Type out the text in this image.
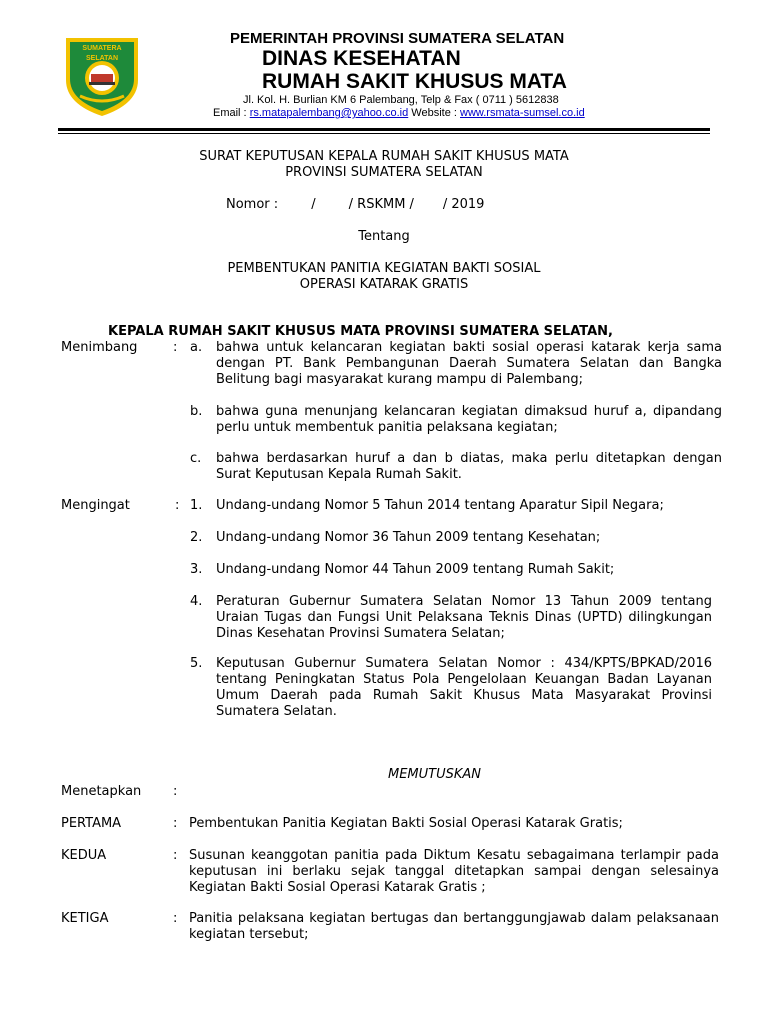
SUMATERA SELATAN
PEMERINTAH PROVINSI SUMATERA SELATAN
DINAS KESEHATAN
RUMAH SAKIT KHUSUS MATA
Jl. Kol. H. Burlian KM 6 Palembang, Telp & Fax ( 0711 ) 5612838
Email : rs.matapalembang@yahoo.co.id Website : www.rsmata-sumsel.co.id
SURAT KEPUTUSAN KEPALA RUMAH SAKIT KHUSUS MATA
PROVINSI SUMATERA SELATAN
Nomor :        /        / RSKMM /       / 2019
Tentang
PEMBENTUKAN PANITIA KEGIATAN BAKTI SOSIAL
OPERASI KATARAK GRATIS
KEPALA RUMAH SAKIT KHUSUS MATA PROVINSI SUMATERA SELATAN,
Menimbang	: a. bahwa untuk kelancaran kegiatan bakti sosial operasi katarak kerja sama dengan PT. Bank Pembangunan Daerah Sumatera Selatan dan Bangka Belitung bagi masyarakat kurang mampu di Palembang;
b. bahwa guna menunjang kelancaran kegiatan dimaksud huruf a, dipandang perlu untuk membentuk panitia pelaksana kegiatan;
c. bahwa berdasarkan huruf a dan b diatas, maka perlu ditetapkan dengan Surat Keputusan Kepala Rumah Sakit.
Mengingat	: 1. Undang-undang Nomor 5 Tahun 2014 tentang Aparatur Sipil Negara;
2. Undang-undang Nomor 36 Tahun 2009 tentang Kesehatan;
3. Undang-undang Nomor 44 Tahun 2009 tentang Rumah Sakit;
4. Peraturan Gubernur Sumatera Selatan Nomor 13 Tahun 2009 tentang Uraian Tugas dan Fungsi Unit Pelaksana Teknis Dinas (UPTD) dilingkungan Dinas Kesehatan Provinsi Sumatera Selatan;
5. Keputusan Gubernur Sumatera Selatan Nomor : 434/KPTS/BPKAD/2016 tentang Peningkatan Status Pola Pengelolaan Keuangan Badan Layanan Umum Daerah pada Rumah Sakit Khusus Mata Masyarakat Provinsi Sumatera Selatan.
MEMUTUSKAN
Menetapkan :
PERTAMA	: Pembentukan Panitia Kegiatan Bakti Sosial Operasi Katarak Gratis;
KEDUA	: Susunan keanggotan panitia pada Diktum Kesatu sebagaimana terlampir pada keputusan ini berlaku sejak tanggal ditetapkan sampai dengan selesainya Kegiatan Bakti Sosial Operasi Katarak Gratis ;
KETIGA	: Panitia pelaksana kegiatan bertugas dan bertanggungjawab dalam pelaksanaan kegiatan tersebut;
